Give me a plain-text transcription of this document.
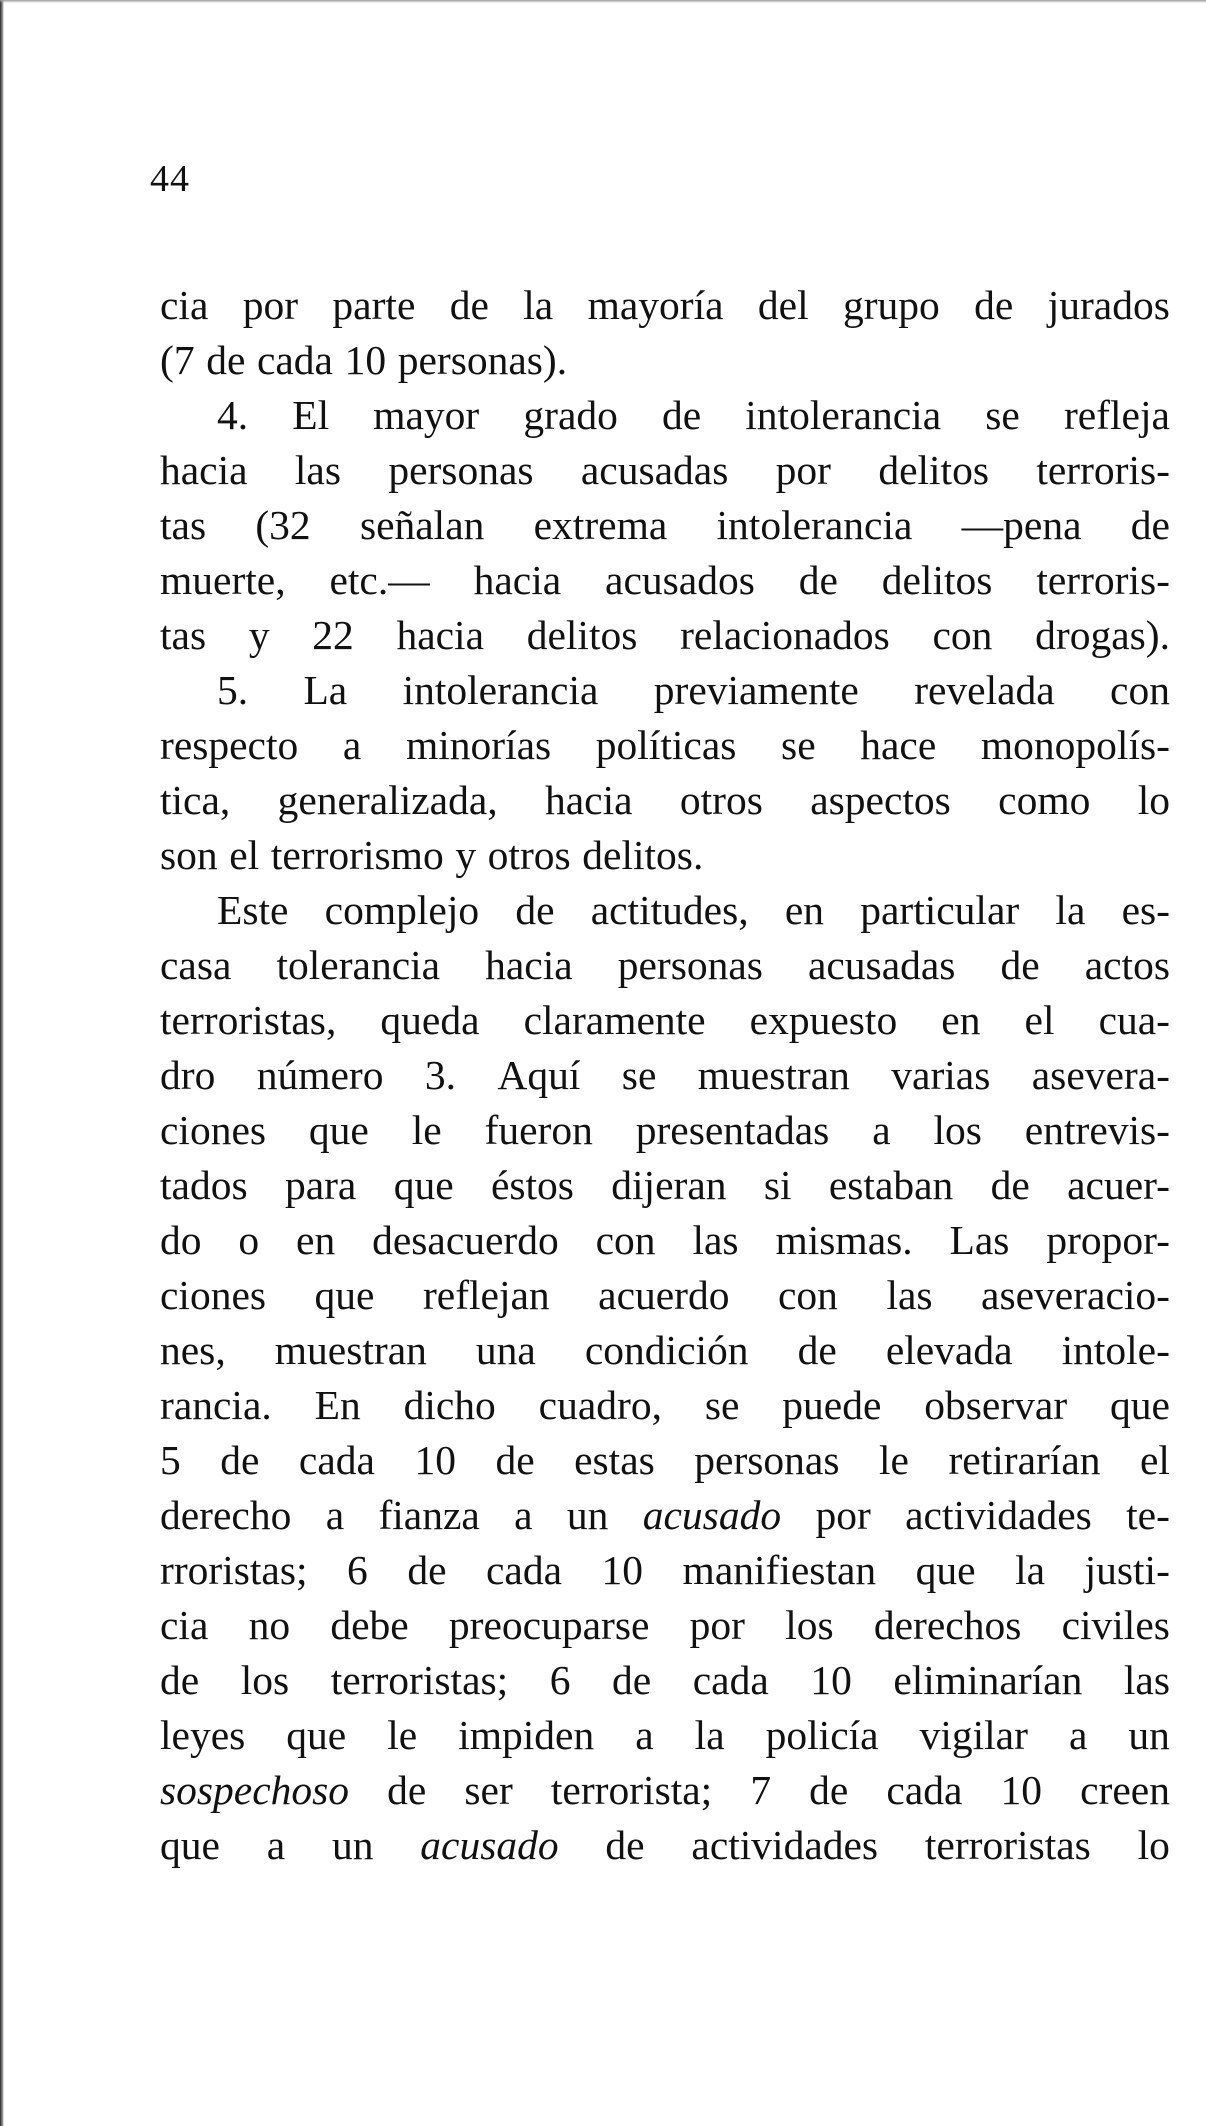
44
cia por parte de la mayoría del grupo de jurados
(7 de cada 10 personas).
4. El mayor grado de intolerancia se refleja
hacia las personas acusadas por delitos terroris-
tas (32 señalan extrema intolerancia —pena de
muerte, etc.— hacia acusados de delitos terroris-
tas y 22 hacia delitos relacionados con drogas).
5. La intolerancia previamente revelada con
respecto a minorías políticas se hace monopolís-
tica, generalizada, hacia otros aspectos como lo
son el terrorismo y otros delitos.
Este complejo de actitudes, en particular la es-
casa tolerancia hacia personas acusadas de actos
terroristas, queda claramente expuesto en el cua-
dro número 3. Aquí se muestran varias asevera-
ciones que le fueron presentadas a los entrevis-
tados para que éstos dijeran si estaban de acuer-
do o en desacuerdo con las mismas. Las propor-
ciones que reflejan acuerdo con las aseveracio-
nes, muestran una condición de elevada intole-
rancia. En dicho cuadro, se puede observar que
5 de cada 10 de estas personas le retirarían el
derecho a fianza a un acusado por actividades te-
rroristas; 6 de cada 10 manifiestan que la justi-
cia no debe preocuparse por los derechos civiles
de los terroristas; 6 de cada 10 eliminarían las
leyes que le impiden a la policía vigilar a un
sospechoso de ser terrorista; 7 de cada 10 creen
que a un acusado de actividades terroristas lo
